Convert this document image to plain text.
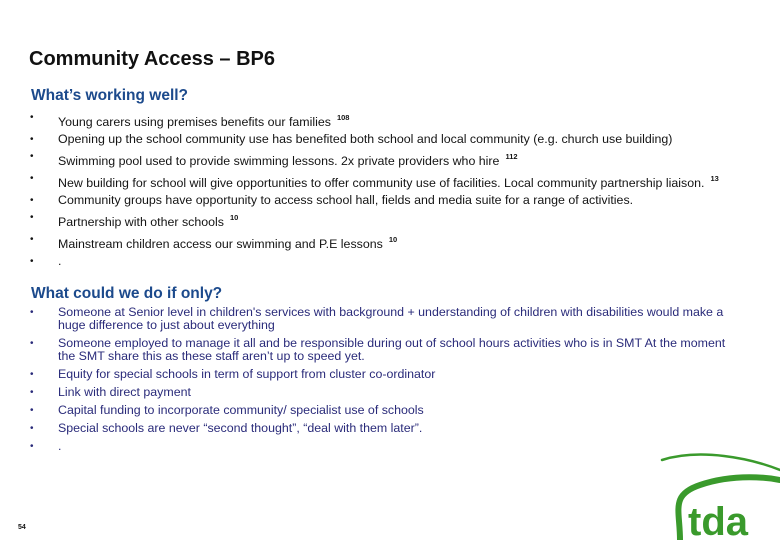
Community Access – BP6
What’s working well?
• Young carers using premises benefits our families $^{108}$
• Opening up the school community use has benefited both school and local community (e.g. church use building)
• Swimming pool used to provide swimming lessons. 2x private providers who hire $^{112}$
• New building for school will give opportunities to offer community use of facilities. Local community partnership liaison. $^{13}$
• Community groups have opportunity to access school hall, fields and media suite for a range of activities.
• Partnership with other schools $^{10}$
• Mainstream children access our swimming and P.E lessons $^{10}$
• .
What could we do if only?
• Someone at Senior level in children's services with background + understanding of children with disabilities would make a huge difference to just about everything
• Someone employed to manage it all and be responsible during out of school hours activities who is in SMT At the moment the SMT share this as these staff aren’t up to speed yet.
• Equity for special schools in term of support from cluster co-ordinator
• Link with direct payment
• Capital funding to incorporate community/ specialist use of schools
• Special schools are never “second thought”, “deal with them later”.
• .
54	tda
